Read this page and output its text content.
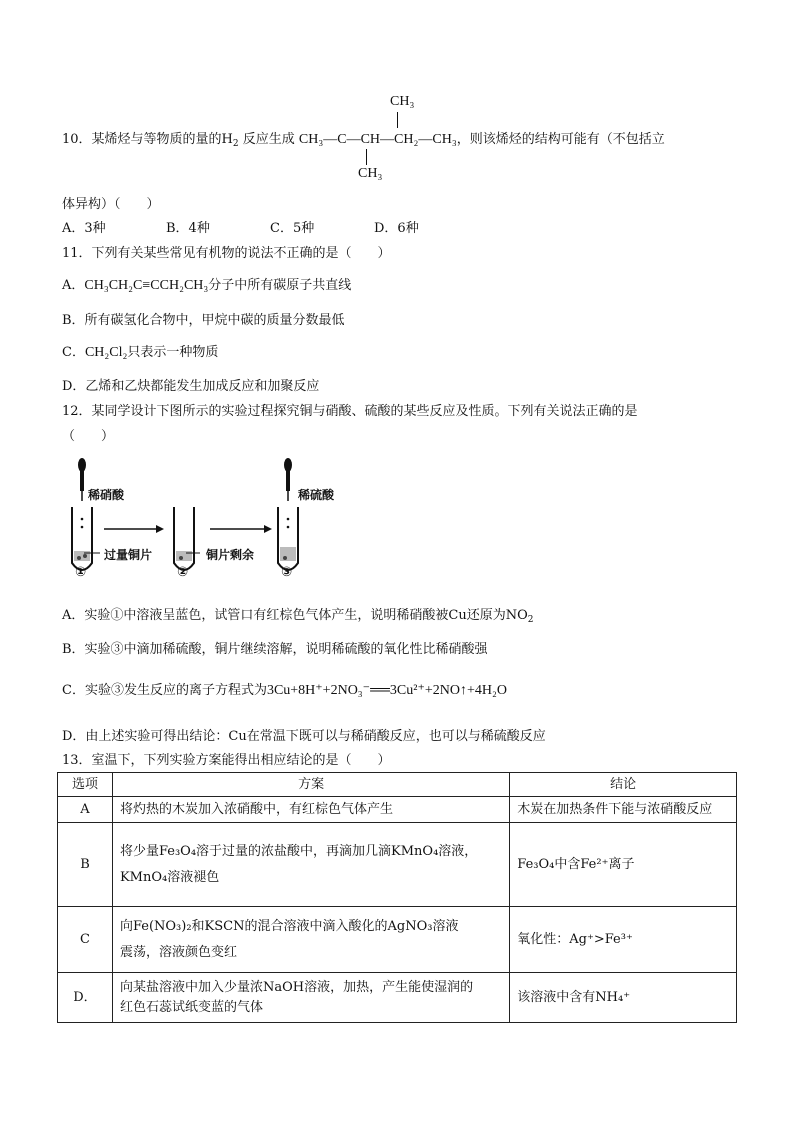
CH₃
10．某烯烃与等物质的量的$H_2$ 反应生成 CH₃—C—CH—CH₂—CH₃，则该烯烃的结构可能有（不包括立
CH₃
体异构）（　　）
A．3种	B．4种	C．5种	D．6种
11．下列有关某些常见有机物的说法不正确的是（　　）
A．CH₃CH₂C≡CCH₂CH₃分子中所有碳原子共直线
B．所有碳氢化合物中，甲烷中碳的质量分数最低
C．CH₂Cl₂只表示一种物质
D．乙烯和乙炔都能发生加成反应和加聚反应
12．某同学设计下图所示的实验过程探究铜与硝酸、硫酸的某些反应及性质。下列有关说法正确的是
（　　）
稀硝酸
过量铜片	铜片剩余
稀硫酸
①	②	③
A．实验①中溶液呈蓝色，试管口有红棕色气体产生，说明稀硝酸被Cu还原为$NO_2$
B．实验③中滴加稀硫酸，铜片继续溶解，说明稀硫酸的氧化性比稀硝酸强
C．实验③发生反应的离子方程式为3Cu+8H⁺+2NO₃⁻══3Cu²⁺+2NO↑+4H₂O
D．由上述实验可得出结论：Cu在常温下既可以与稀硝酸反应，也可以与稀硫酸反应
13．室温下，下列实验方案能得出相应结论的是（　　）
选项	方案	结论
A	将灼热的木炭加入浓硝酸中，有红棕色气体产生	木炭在加热条件下能与浓硝酸反应
B	将少量Fe₃O₄溶于过量的浓盐酸中，再滴加几滴KMnO₄溶液，
KMnO₄溶液褪色	Fe₃O₄中含Fe²⁺离子
C	向Fe(NO₃)₂和KSCN的混合溶液中滴入酸化的AgNO₃溶液
震荡，溶液颜色变红	氧化性：Ag⁺>Fe³⁺
D．	向某盐溶液中加入少量浓NaOH溶液，加热，产生能使湿润的
红色石蕊试纸变蓝的气体	该溶液中含有NH₄⁺
